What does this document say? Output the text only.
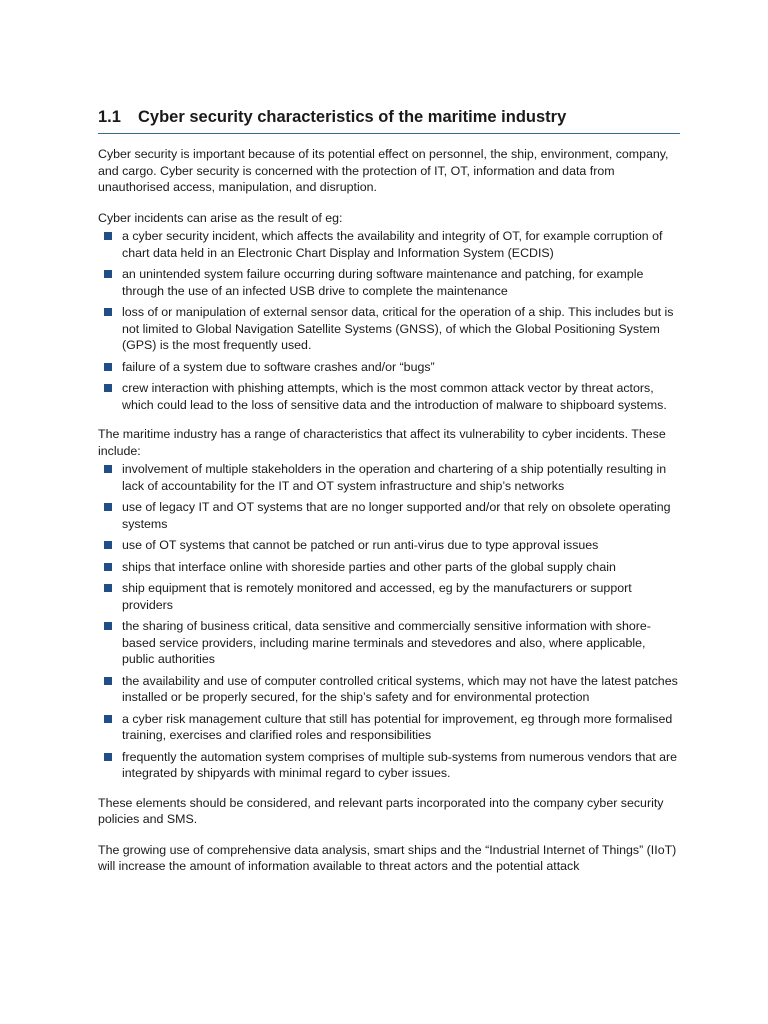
1.1	Cyber security characteristics of the maritime industry

Cyber security is important because of its potential effect on personnel, the ship, environment, company, and cargo. Cyber security is concerned with the protection of IT, OT, information and data from unauthorised access, manipulation, and disruption.

Cyber incidents can arise as the result of eg:

a cyber security incident, which affects the availability and integrity of OT, for example corruption of chart data held in an Electronic Chart Display and Information System (ECDIS)
an unintended system failure occurring during software maintenance and patching, for example through the use of an infected USB drive to complete the maintenance
loss of or manipulation of external sensor data, critical for the operation of a ship. This includes but is not limited to Global Navigation Satellite Systems (GNSS), of which the Global Positioning System (GPS) is the most frequently used.
failure of a system due to software crashes and/or “bugs”
crew interaction with phishing attempts, which is the most common attack vector by threat actors, which could lead to the loss of sensitive data and the introduction of malware to shipboard systems.

The maritime industry has a range of characteristics that affect its vulnerability to cyber incidents. These include:

involvement of multiple stakeholders in the operation and chartering of a ship potentially resulting in lack of accountability for the IT and OT system infrastructure and ship’s networks
use of legacy IT and OT systems that are no longer supported and/or that rely on obsolete operating systems
use of OT systems that cannot be patched or run anti-virus due to type approval issues
ships that interface online with shoreside parties and other parts of the global supply chain
ship equipment that is remotely monitored and accessed, eg by the manufacturers or support providers
the sharing of business critical, data sensitive and commercially sensitive information with shore-based service providers, including marine terminals and stevedores and also, where applicable, public authorities
the availability and use of computer controlled critical systems, which may not have the latest patches installed or be properly secured, for the ship’s safety and for environmental protection
a cyber risk management culture that still has potential for improvement, eg through more formalised training, exercises and clarified roles and responsibilities
frequently the automation system comprises of multiple sub-systems from numerous vendors that are integrated by shipyards with minimal regard to cyber issues.

These elements should be considered, and relevant parts incorporated into the company cyber security policies and SMS.

The growing use of comprehensive data analysis, smart ships and the “Industrial Internet of Things” (IIoT) will increase the amount of information available to threat actors and the potential attack
